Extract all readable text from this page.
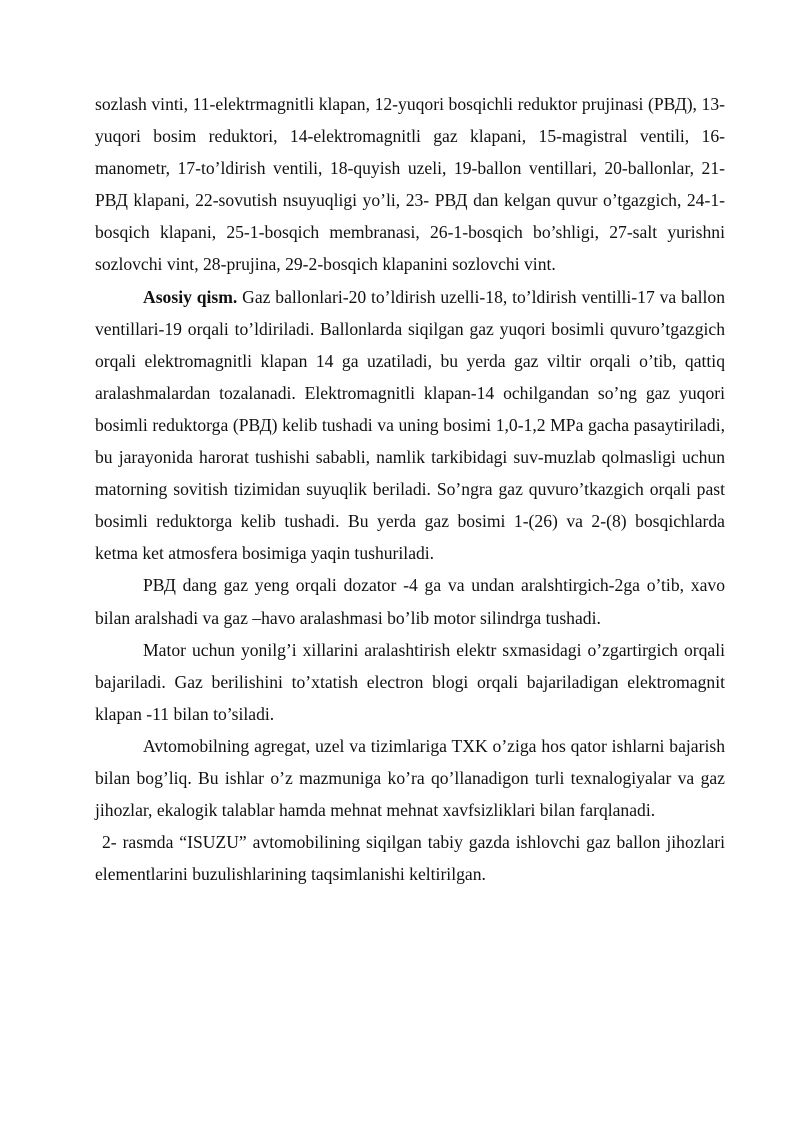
sozlash vinti, 11-elektrmagnitli klapan, 12-yuqori bosqichli reduktor prujinasi (РВД), 13-yuqori bosim reduktori, 14-elektromagnitli gaz klapani, 15-magistral ventili, 16-manometr, 17-to’ldirish ventili, 18-quyish uzeli, 19-ballon ventillari, 20-ballonlar, 21- РВД klapani, 22-sovutish nsuyuqligi yo’li, 23- РВД dan kelgan quvur o’tgazgich, 24-1-bosqich klapani, 25-1-bosqich membranasi, 26-1-bosqich bo’shligi, 27-salt yurishni sozlovchi vint, 28-prujina, 29-2-bosqich klapanini sozlovchi vint.

Asosiy qism. Gaz ballonlari-20 to’ldirish uzelli-18, to’ldirish ventilli-17 va ballon ventillari-19 orqali to’ldiriladi. Ballonlarda siqilgan gaz yuqori bosimli quvuro’tgazgich orqali elektromagnitli klapan 14 ga uzatiladi, bu yerda gaz viltir orqali o’tib, qattiq aralashmalardan tozalanadi. Elektromagnitli klapan-14 ochilgandan so’ng gaz yuqori bosimli reduktorga (РВД) kelib tushadi va uning bosimi 1,0-1,2 MPa gacha pasaytiriladi, bu jarayonida harorat tushishi sababli, namlik tarkibidagi suv-muzlab qolmasligi uchun matorning sovitish tizimidan suyuqlik beriladi. So’ngra gaz quvuro’tkazgich orqali past bosimli reduktorga kelib tushadi. Bu yerda gaz bosimi 1-(26) va 2-(8) bosqichlarda ketma ket atmosfera bosimiga yaqin tushuriladi.

РВД dang gaz yeng orqali dozator -4 ga va undan aralshtirgich-2ga o’tib, xavo bilan aralshadi va gaz –havo aralashmasi bo’lib motor silindrga tushadi.

Mator uchun yonilg’i xillarini aralashtirish elektr sxmasidagi o’zgartirgich orqali bajariladi. Gaz berilishini to’xtatish electron blogi orqali bajariladigan elektromagnit klapan -11 bilan to’siladi.

Avtomobilning agregat, uzel va tizimlariga TXK o’ziga hos qator ishlarni bajarish bilan bog’liq. Bu ishlar o’z mazmuniga ko’ra qo’llanadigon turli texnalogiyalar va gaz jihozlar, ekalogik talablar hamda mehnat mehnat xavfsizliklari bilan farqlanadi.

2- rasmda “ISUZU” avtomobilining siqilgan tabiy gazda ishlovchi gaz ballon jihozlari elementlarini buzulishlarining taqsimlanishi keltirilgan.
